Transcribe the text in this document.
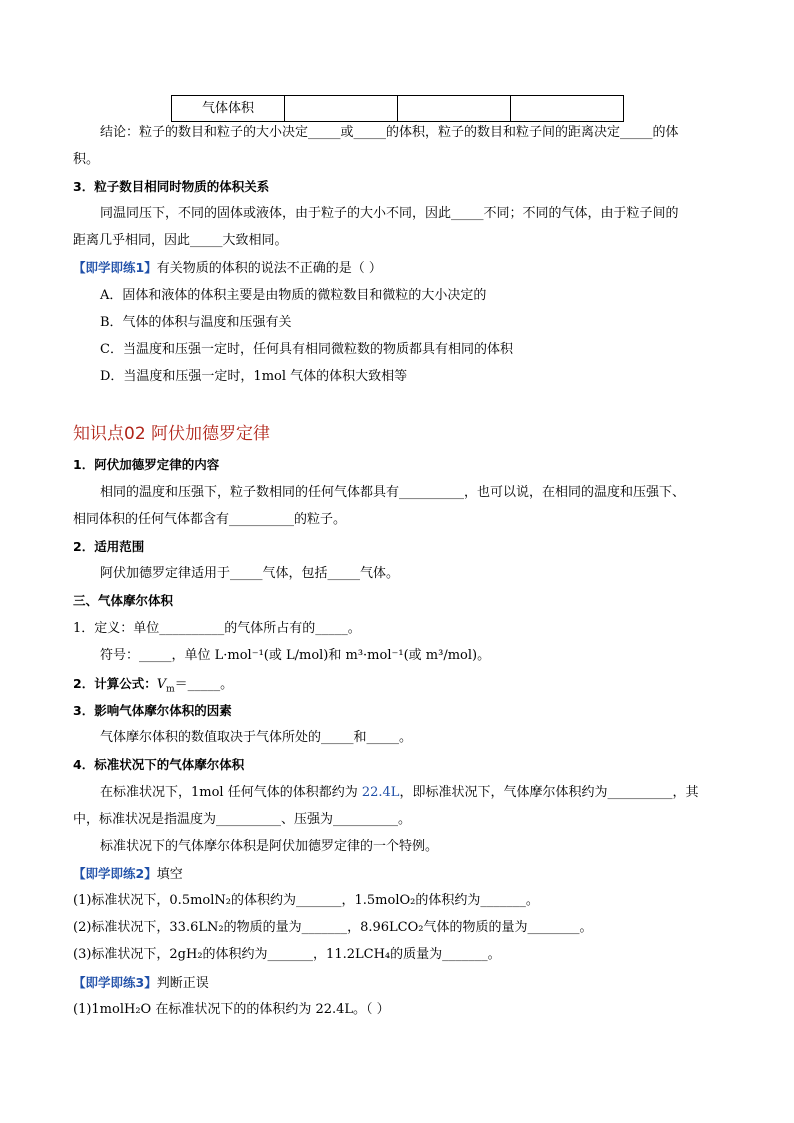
气体体积			
结论：粒子的数目和粒子的大小决定_____或_____的体积，粒子的数目和粒子间的距离决定_____的体
积。
3．粒子数目相同时物质的体积关系
同温同压下，不同的固体或液体，由于粒子的大小不同，因此_____不同；不同的气体，由于粒子间的
距离几乎相同，因此_____大致相同。
【即学即练1】有关物质的体积的说法不正确的是（ ）
A．固体和液体的体积主要是由物质的微粒数目和微粒的大小决定的
B．气体的体积与温度和压强有关
C．当温度和压强一定时，任何具有相同微粒数的物质都具有相同的体积
D．当温度和压强一定时，1mol 气体的体积大致相等
知识点02 阿伏加德罗定律
1．阿伏加德罗定律的内容
相同的温度和压强下，粒子数相同的任何气体都具有__________，也可以说，在相同的温度和压强下、
相同体积的任何气体都含有__________的粒子。
2．适用范围
阿伏加德罗定律适用于_____气体，包括_____气体。
三、气体摩尔体积
1．定义：单位__________的气体所占有的_____。
符号：_____，单位 L·mol⁻¹(或 L/mol)和 m³·mol⁻¹(或 m³/mol)。
2．计算公式：$V_m=\_\_\_\_\_$。
3．影响气体摩尔体积的因素
气体摩尔体积的数值取决于气体所处的_____和_____。
4．标准状况下的气体摩尔体积
在标准状况下，1mol 任何气体的体积都约为 22.4L，即标准状况下，气体摩尔体积约为__________，其
中，标准状况是指温度为__________、压强为__________。
标准状况下的气体摩尔体积是阿伏加德罗定律的一个特例。
【即学即练2】填空
(1)标准状况下，0.5molN₂的体积约为_______，1.5molO₂的体积约为_______。
(2)标准状况下，33.6LN₂的物质的量为_______，8.96LCO₂气体的物质的量为________。
(3)标准状况下，2gH₂的体积约为_______，11.2LCH₄的质量为_______。
【即学即练3】判断正误
(1)1molH₂O 在标准状况下的的体积约为 22.4L。（ ）
